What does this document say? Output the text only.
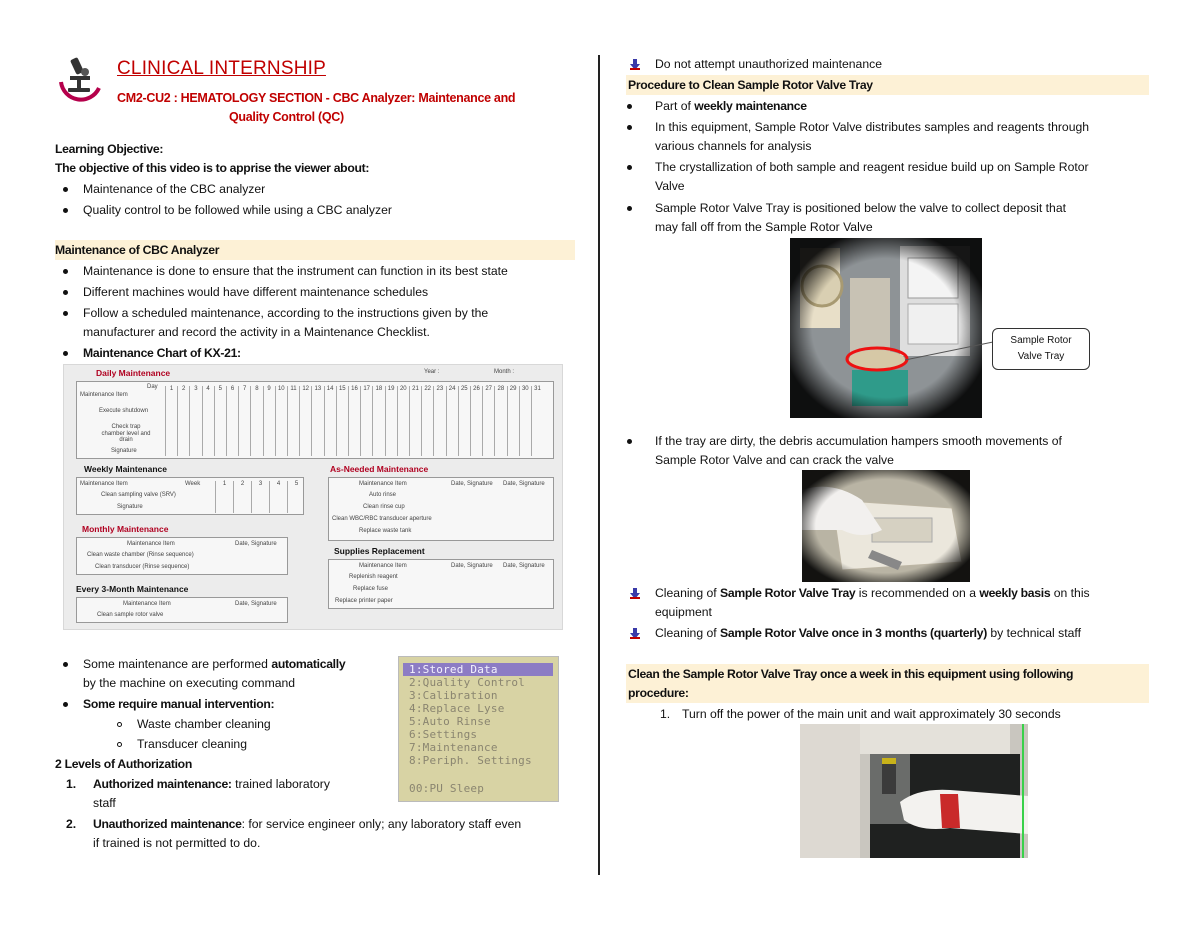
CLINICAL INTERNSHIP
CM2-CU2 : HEMATOLOGY SECTION - CBC Analyzer: Maintenance and
Quality Control (QC)
Learning Objective:
The objective of this video is to apprise the viewer about:
Maintenance of the CBC analyzer
Quality control to be followed while using a CBC analyzer
Maintenance of CBC Analyzer
Maintenance is done to ensure that the instrument can function in its best state
Different machines would have different maintenance schedules
Follow a scheduled maintenance, according to the instructions given by the
manufacturer and record the activity in a Maintenance Checklist.
Maintenance Chart of KX-21:
Daily Maintenance	Year :	Month :
Day
Maintenance Item
1	2	3	4	5	6	7	8	9	10 11 12 13 14 15 16 17 18 19 20 21 22 23 24 25 26 27 28 29 30 31
Execute shutdown
Check trap chamber level and drain
Signature
Weekly Maintenance
Maintenance Item	Week	1	2	3	4	5
Clean sampling valve (SRV)
Signature
Monthly Maintenance
Maintenance Item	Date, Signature
Clean waste chamber (Rinse sequence)
Clean transducer (Rinse sequence)
Every 3-Month Maintenance
Maintenance Item	Date, Signature
Clean sample rotor valve
As-Needed Maintenance
Maintenance Item	Date, Signature Date, Signature
Auto rinse
Clean rinse cup
Clean WBC/RBC transducer aperture
Replace waste tank
Supplies Replacement
Maintenance Item	Date, Signature Date, Signature
Replenish reagent
Replace fuse
Replace printer paper
Some maintenance are performed automatically
by the machine on executing command
Some require manual intervention:
Waste chamber cleaning
Transducer cleaning
2 Levels of Authorization
1. Authorized maintenance: trained laboratory
staff
2. Unauthorized maintenance: for service engineer only; any laboratory staff even
if trained is not permitted to do.
1:Stored Data
2:Quality Control
3:Calibration
4:Replace Lyse
5:Auto Rinse
6:Settings
7:Maintenance
8:Periph. Settings
00:PU Sleep
Do not attempt unauthorized maintenance
Procedure to Clean Sample Rotor Valve Tray
Part of weekly maintenance
In this equipment, Sample Rotor Valve distributes samples and reagents through
various channels for analysis
The crystallization of both sample and reagent residue build up on Sample Rotor
Valve
Sample Rotor Valve Tray is positioned below the valve to collect deposit that
may fall off from the Sample Rotor Valve
Sample Rotor
Valve Tray
If the tray are dirty, the debris accumulation hampers smooth movements of
Sample Rotor Valve and can crack the valve
Cleaning of Sample Rotor Valve Tray is recommended on a weekly basis on this
equipment
Cleaning of Sample Rotor Valve once in 3 months (quarterly) by technical staff
Clean the Sample Rotor Valve Tray once a week in this equipment using following
procedure:
1. Turn off the power of the main unit and wait approximately 30 seconds
